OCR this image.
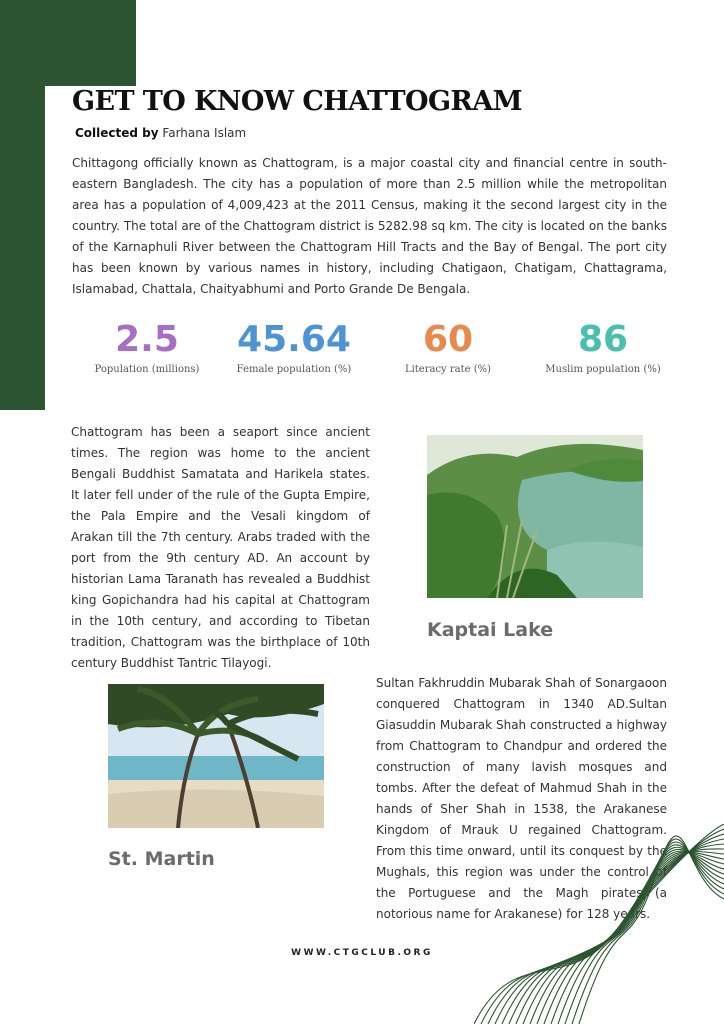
GET TO KNOW CHATTOGRAM
Collected by Farhana Islam

Chittagong officially known as Chattogram, is a major coastal city and financial centre in south-eastern Bangladesh. The city has a population of more than 2.5 million while the metropolitan area has a population of 4,009,423 at the 2011 Census, making it the second largest city in the country. The total are of the Chattogram district is 5282.98 sq km. The city is located on the banks of the Karnaphuli River between the Chattogram Hill Tracts and the Bay of Bengal. The port city has been known by various names in history, including Chatigaon, Chatigam, Chattagrama, Islamabad, Chattala, Chaityabhumi and Porto Grande De Bengala.

2.5
Population (millions)
45.64
Female population (%)
60
Literacy rate (%)
86
Muslim population (%)

Chattogram has been a seaport since ancient times. The region was home to the ancient Bengali Buddhist Samatata and Harikela states. It later fell under of the rule of the Gupta Empire, the Pala Empire and the Vesali kingdom of Arakan till the 7th century. Arabs traded with the port from the 9th century AD. An account by historian Lama Taranath has revealed a Buddhist king Gopichandra had his capital at Chattogram in the 10th century, and according to Tibetan tradition, Chattogram was the birthplace of 10th century Buddhist Tantric Tilayogi.

Kaptai Lake
St. Martin

Sultan Fakhruddin Mubarak Shah of Sonargaoon conquered Chattogram in 1340 AD.Sultan Giasuddin Mubarak Shah constructed a highway from Chattogram to Chandpur and ordered the construction of many lavish mosques and tombs. After the defeat of Mahmud Shah in the hands of Sher Shah in 1538, the Arakanese Kingdom of Mrauk U regained Chattogram. From this time onward, until its conquest by the Mughals, this region was under the control of the Portuguese and the Magh pirates (a notorious name for Arakanese) for 128 years.

WWW.CTGCLUB.ORG
